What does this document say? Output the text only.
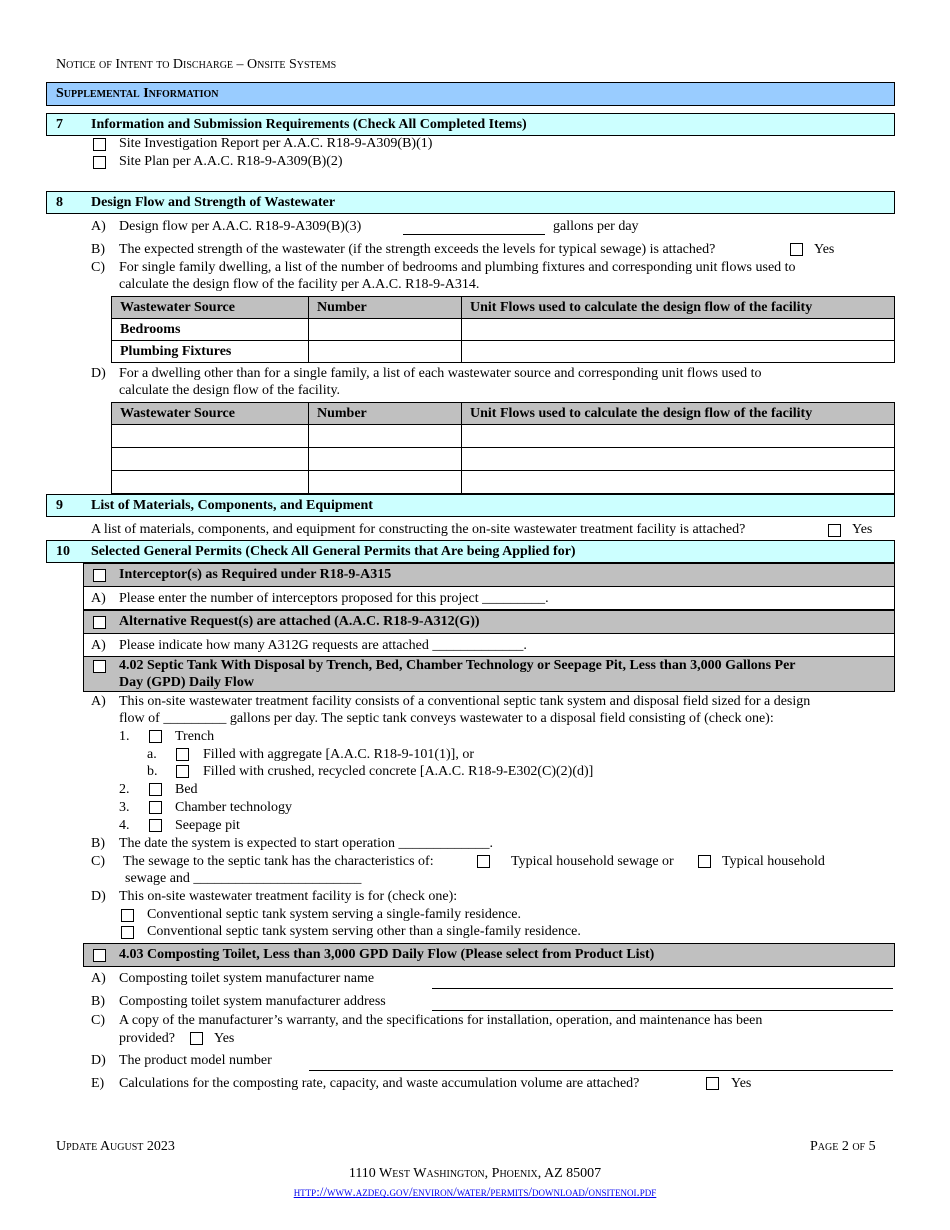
Notice of Intent to Discharge – Onsite Systems
Supplemental Information
7 Information and Submission Requirements (Check All Completed Items)
Site Investigation Report per A.A.C. R18-9-A309(B)(1)
Site Plan per A.A.C. R18-9-A309(B)(2)
8 Design Flow and Strength of Wastewater
A) Design flow per A.A.C. R18-9-A309(B)(3)	gallons per day
B) The expected strength of the wastewater (if the strength exceeds the levels for typical sewage) is attached?	Yes
C) For single family dwelling, a list of the number of bedrooms and plumbing fixtures and corresponding unit flows used to
calculate the design flow of the facility per A.A.C. R18-9-A314.
Wastewater Source	Number	Unit Flows used to calculate the design flow of the facility
Bedrooms		
Plumbing Fixtures		
D) For a dwelling other than for a single family, a list of each wastewater source and corresponding unit flows used to
calculate the design flow of the facility.
Wastewater Source	Number	Unit Flows used to calculate the design flow of the facility

9 List of Materials, Components, and Equipment
A list of materials, components, and equipment for constructing the on-site wastewater treatment facility is attached?	Yes
10 Selected General Permits (Check All General Permits that Are being Applied for)
Interceptor(s) as Required under R18-9-A315
A) Please enter the number of interceptors proposed for this project _________.
Alternative Request(s) are attached (A.A.C. R18-9-A312(G))
A) Please indicate how many A312G requests are attached _____________.
4.02 Septic Tank With Disposal by Trench, Bed, Chamber Technology or Seepage Pit, Less than 3,000 Gallons Per
Day (GPD) Daily Flow
A) This on-site wastewater treatment facility consists of a conventional septic tank system and disposal field sized for a design
flow of _________ gallons per day. The septic tank conveys wastewater to a disposal field consisting of (check one):
1.	Trench
a.	Filled with aggregate [A.A.C. R18-9-101(1)], or
b.	Filled with crushed, recycled concrete [A.A.C. R18-9-E302(C)(2)(d)]
2.	Bed
3.	Chamber technology
4.	Seepage pit
B) The date the system is expected to start operation _____________.
C) The sewage to the septic tank has the characteristics of:	Typical household sewage or	Typical household
sewage and ________________________
D) This on-site wastewater treatment facility is for (check one):
Conventional septic tank system serving a single-family residence.
Conventional septic tank system serving other than a single-family residence.
4.03 Composting Toilet, Less than 3,000 GPD Daily Flow (Please select from Product List)
A) Composting toilet system manufacturer name
B) Composting toilet system manufacturer address
C) A copy of the manufacturer’s warranty, and the specifications for installation, operation, and maintenance has been
provided?	Yes
D) The product model number
E) Calculations for the composting rate, capacity, and waste accumulation volume are attached?	Yes
Update August 2023	Page 2 of 5
1110 West Washington, Phoenix, AZ 85007
http://www.azdeq.gov/environ/water/permits/download/onsitenoi.pdf
